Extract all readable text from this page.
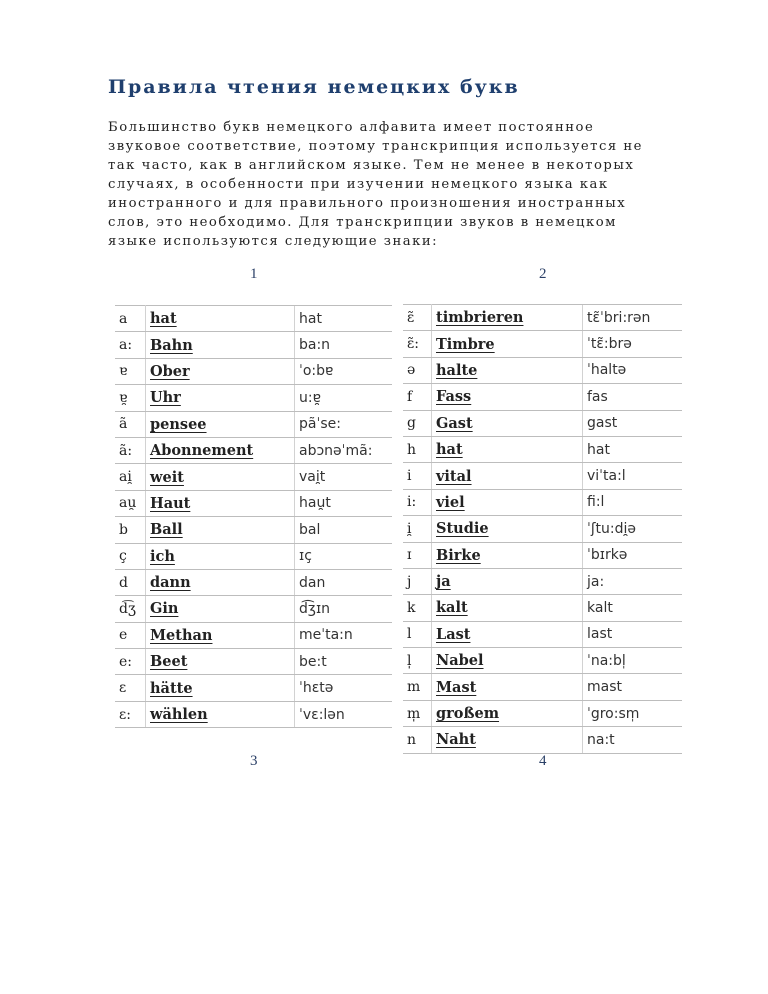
Правила чтения немецких букв
Большинство букв немецкого алфавита имеет постоянное
звуковое соответствие, поэтому транскрипция используется не
так часто, как в английском языке. Тем не менее в некоторых
случаях, в особенности при изучении немецкого языка как
иностранного и для правильного произношения иностранных
слов, это необходимо. Для транскрипции звуков в немецком
языке используются следующие знаки:
1	2
a	hat	hat
a:	Bahn	ba:n
ɐ	Ober	ˈo:bɐ
ɐ̯	Uhr	u:ɐ̯
ã	pensee	pãˈse:
ã:	Abonnement	abɔnəˈmã:
ai̯	weit	vai̯t
au̯	Haut	hau̯t
b	Ball	bal
ç	ich	ɪç
d	dann	dan
d͡ʒ	Gin	d͡ʒɪn
e	Methan	meˈta:n
e:	Beet	be:t
ɛ	hätte	ˈhɛtə
ɛ:	wählen	ˈvɛ:lən
ɛ̃	timbrieren	tɛ̃ˈbri:rən
ɛ̃:	Timbre	ˈtɛ̃:brə
ə	halte	ˈhaltə
f	Fass	fas
g	Gast	gast
h	hat	hat
i	vital	viˈta:l
i:	viel	fi:l
i̯	Studie	ˈʃtu:di̯ə
ɪ	Birke	ˈbɪrkə
j	ja	ja:
k	kalt	kalt
l	Last	last
l̩	Nabel	ˈna:bl̩
m	Mast	mast
m̩	großem	ˈgro:sm̩
n	Naht	na:t
3	4
